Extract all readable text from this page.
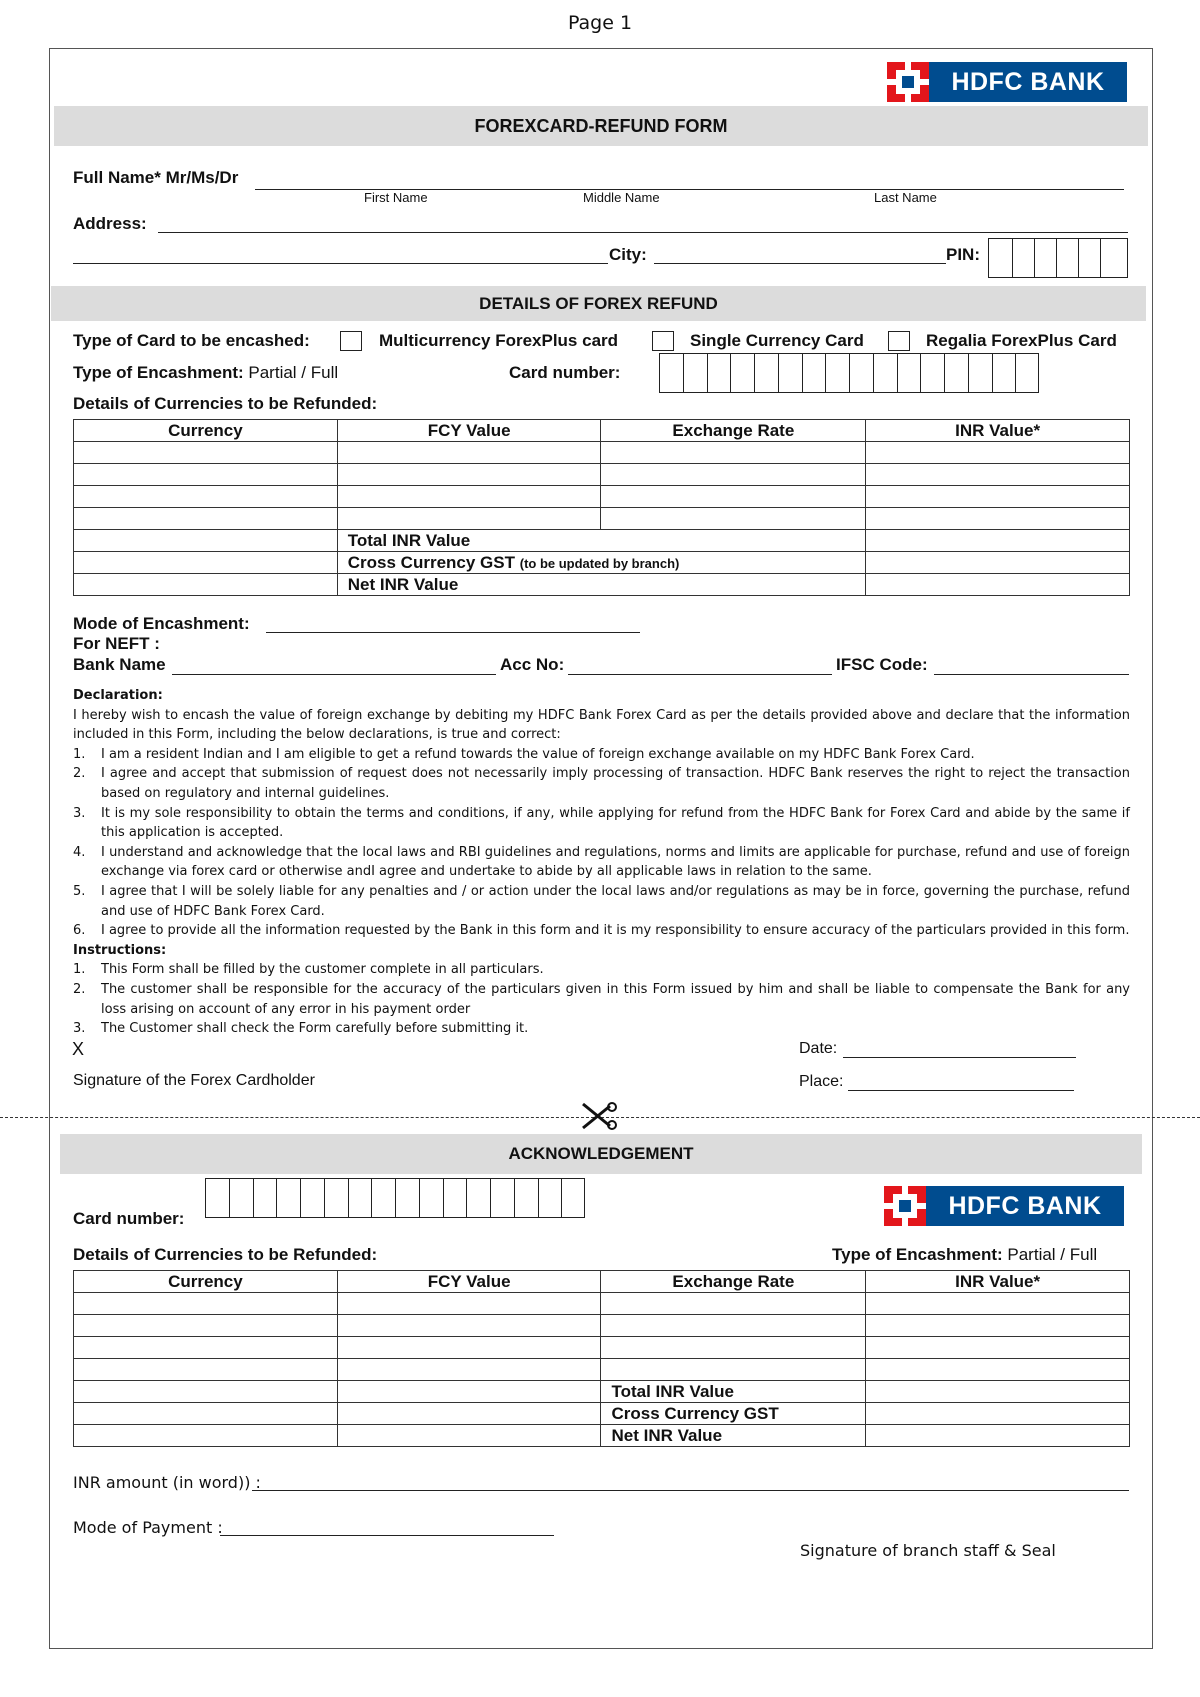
Page 1
HDFC BANK
FOREXCARD-REFUND FORM
Full Name* Mr/Ms/Dr
First Name	Middle Name	Last Name
Address:
City:	PIN:
DETAILS OF FOREX REFUND
Type of Card to be encashed:	Multicurrency ForexPlus card	Single Currency Card	Regalia ForexPlus Card
Type of Encashment: Partial / Full	Card number:
Details of Currencies to be Refunded:
Currency	FCY Value	Exchange Rate	INR Value*

	Total INR Value		
	Cross Currency GST (to be updated by branch)		
	Net INR Value		
Mode of Encashment:
For NEFT :
Bank Name	Acc No:	IFSC Code:
Declaration:
I hereby wish to encash the value of foreign exchange by debiting my HDFC Bank Forex Card as per the details provided above and declare that the information included in this Form, including the below declarations, is true and correct:
1. I am a resident Indian and I am eligible to get a refund towards the value of foreign exchange available on my HDFC Bank Forex Card.
2. I agree and accept that submission of request does not necessarily imply processing of transaction. HDFC Bank reserves the right to reject the transaction based on regulatory and internal guidelines.
3. It is my sole responsibility to obtain the terms and conditions, if any, while applying for refund from the HDFC Bank for Forex Card and abide by the same if this application is accepted.
4. I understand and acknowledge that the local laws and RBI guidelines and regulations, norms and limits are applicable for purchase, refund and use of foreign exchange via forex card or otherwise andI agree and undertake to abide by all applicable laws in relation to the same.
5. I agree that I will be solely liable for any penalties and / or action under the local laws and/or regulations as may be in force, governing the purchase, refund and use of HDFC Bank Forex Card.
6. I agree to provide all the information requested by the Bank in this form and it is my responsibility to ensure accuracy of the particulars provided in this form.
Instructions:
1. This Form shall be filled by the customer complete in all particulars.
2. The customer shall be responsible for the accuracy of the particulars given in this Form issued by him and shall be liable to compensate the Bank for any loss arising on account of any error in his payment order
3. The Customer shall check the Form carefully before submitting it.
X
Signature of the Forex Cardholder
Date:
Place:
ACKNOWLEDGEMENT
Card number:	HDFC BANK
Details of Currencies to be Refunded:	Type of Encashment: Partial / Full
Currency	FCY Value	Exchange Rate	INR Value*

		Total INR Value	
		Cross Currency GST	
		Net INR Value	
INR amount (in word)) :
Mode of Payment :
Signature of branch staff & Seal
